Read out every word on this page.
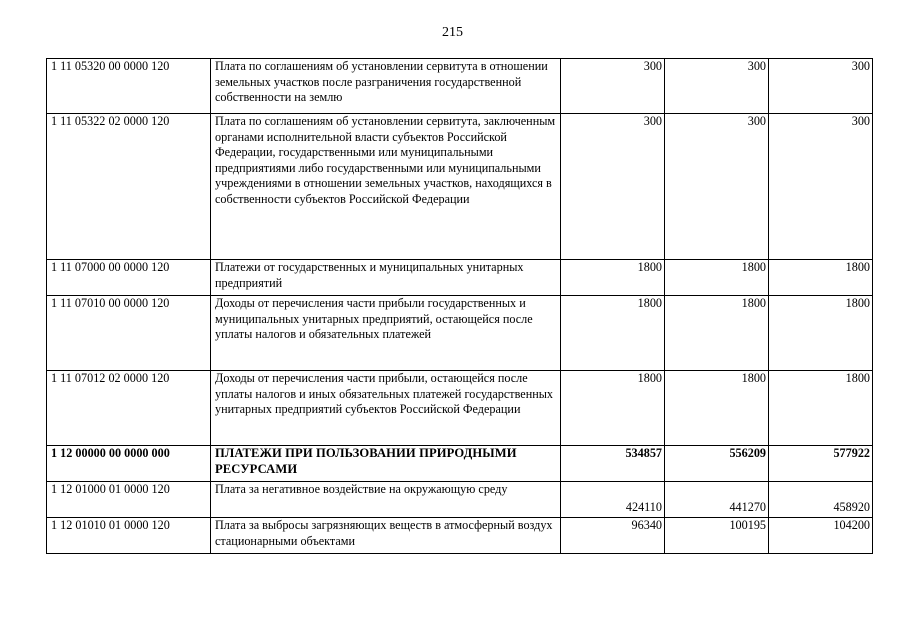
215
1 11 05320 00 0000 120	Плата по соглашениям об установлении сервитута в отношении земельных участков после разграничения государственной собственности на землю	300	300	300
1 11 05322 02 0000 120	Плата по соглашениям об установлении сервитута, заключенным органами исполнительной власти субъектов Российской Федерации, государственными или муниципальными предприятиями либо государственными или муниципальными учреждениями в отношении земельных участков, находящихся в собственности субъектов Российской Федерации	300	300	300
1 11 07000 00 0000 120	Платежи от государственных и муниципальных унитарных предприятий	1800	1800	1800
1 11 07010 00 0000 120	Доходы от перечисления части прибыли государственных и муниципальных унитарных предприятий, остающейся после уплаты налогов и обязательных платежей	1800	1800	1800
1 11 07012 02 0000 120	Доходы от перечисления части прибыли, остающейся после уплаты налогов и иных обязательных платежей государственных унитарных предприятий субъектов Российской Федерации	1800	1800	1800
1 12 00000 00 0000 000	ПЛАТЕЖИ ПРИ ПОЛЬЗОВАНИИ ПРИРОДНЫМИ РЕСУРСАМИ	534857	556209	577922
1 12 01000 01 0000 120	Плата за негативное воздействие на окружающую среду	424110	441270	458920
1 12 01010 01 0000 120	Плата за выбросы загрязняющих веществ в атмосферный воздух стационарными объектами	96340	100195	104200
